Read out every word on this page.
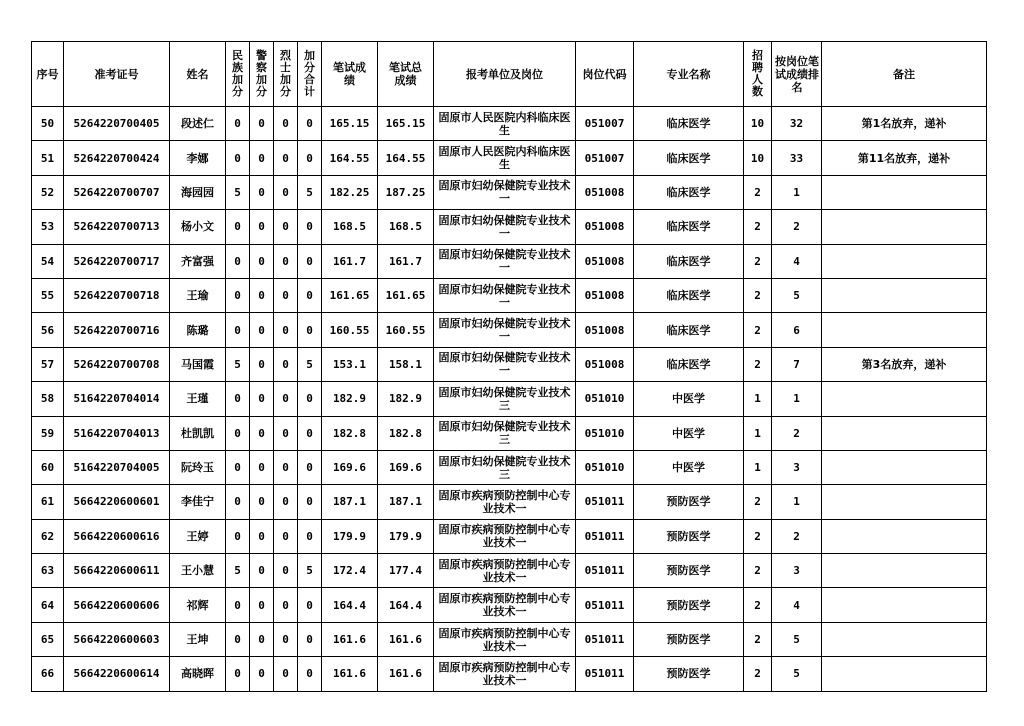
序号	准考证号	姓名	民族加分	警察加分	烈士加分	加分合计	笔试成绩	笔试总成绩	报考单位及岗位	岗位代码	专业名称	招聘人数	按岗位笔试成绩排名	备注
50	5264220700405	段述仁	0	0	0	0	165.15	165.15	固原市人民医院内科临床医生	051007	临床医学	10	32	第1名放弃，递补
51	5264220700424	李娜	0	0	0	0	164.55	164.55	固原市人民医院内科临床医生	051007	临床医学	10	33	第11名放弃，递补
52	5264220700707	海园园	5	0	0	5	182.25	187.25	固原市妇幼保健院专业技术一	051008	临床医学	2	1	
53	5264220700713	杨小文	0	0	0	0	168.5	168.5	固原市妇幼保健院专业技术一	051008	临床医学	2	2	
54	5264220700717	齐富强	0	0	0	0	161.7	161.7	固原市妇幼保健院专业技术一	051008	临床医学	2	4	
55	5264220700718	王瑜	0	0	0	0	161.65	161.65	固原市妇幼保健院专业技术一	051008	临床医学	2	5	
56	5264220700716	陈璐	0	0	0	0	160.55	160.55	固原市妇幼保健院专业技术一	051008	临床医学	2	6	
57	5264220700708	马国霞	5	0	0	5	153.1	158.1	固原市妇幼保健院专业技术一	051008	临床医学	2	7	第3名放弃，递补
58	5164220704014	王瑾	0	0	0	0	182.9	182.9	固原市妇幼保健院专业技术三	051010	中医学	1	1	
59	5164220704013	杜凯凯	0	0	0	0	182.8	182.8	固原市妇幼保健院专业技术三	051010	中医学	1	2	
60	5164220704005	阮玲玉	0	0	0	0	169.6	169.6	固原市妇幼保健院专业技术三	051010	中医学	1	3	
61	5664220600601	李佳宁	0	0	0	0	187.1	187.1	固原市疾病预防控制中心专业技术一	051011	预防医学	2	1	
62	5664220600616	王婷	0	0	0	0	179.9	179.9	固原市疾病预防控制中心专业技术一	051011	预防医学	2	2	
63	5664220600611	王小慧	5	0	0	5	172.4	177.4	固原市疾病预防控制中心专业技术一	051011	预防医学	2	3	
64	5664220600606	祁辉	0	0	0	0	164.4	164.4	固原市疾病预防控制中心专业技术一	051011	预防医学	2	4	
65	5664220600603	王坤	0	0	0	0	161.6	161.6	固原市疾病预防控制中心专业技术一	051011	预防医学	2	5	
66	5664220600614	高晓晖	0	0	0	0	161.6	161.6	固原市疾病预防控制中心专业技术一	051011	预防医学	2	5	
